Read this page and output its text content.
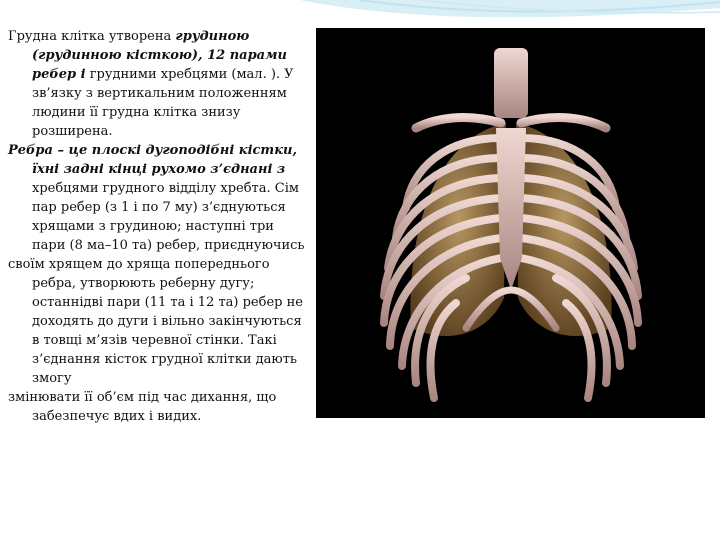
Грудна клітка утворена грудиною (грудинною кісткою), 12 парами ребер і грудними хребцями (мал. ). У зв’язку з вертикальним положенням людини її грудна клітка знизу розширена.

Ребра – це плоскі дугоподібні кістки, їхні задні кінці рухомо з’єднані з хребцями грудного відділу хребта. Сім пар ребер (з 1 і по 7 му) з’єднуються хрящами з грудиною; наступні три пари (8 ма–10 та) ребер, приєднуючись

своїм хрящем до хряща попереднього ребра, утворюють реберну дугу; останнідві пари (11 та і 12 та) ребер не доходять до дуги і вільно закінчуються в товщі м’язів черевної стінки. Такі з’єднання кісток грудної клітки дають змогу

змінювати її об’єм під час дихання, що забезпечує вдих і видих.
